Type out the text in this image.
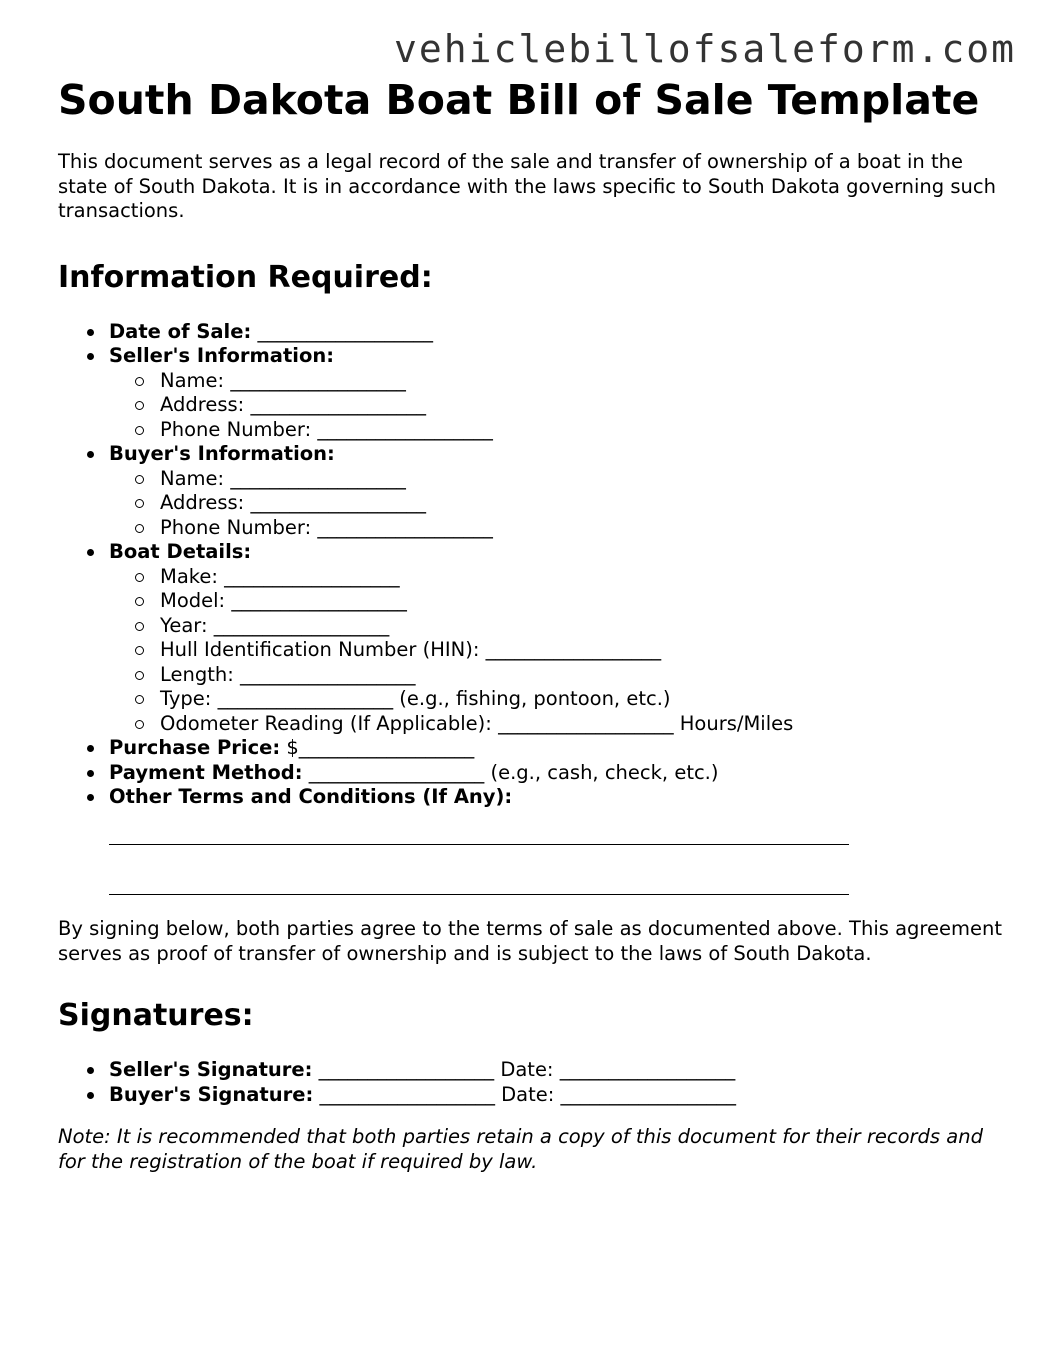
vehiclebillofsaleform.com
South Dakota Boat Bill of Sale Template

This document serves as a legal record of the sale and transfer of ownership of a boat in the state of South Dakota. It is in accordance with the laws specific to South Dakota governing such transactions.

Information Required:
Date of Sale: __________________
Seller's Information:
Name: __________________
Address: __________________
Phone Number: __________________
Buyer's Information:
Name: __________________
Address: __________________
Phone Number: __________________
Boat Details:
Make: __________________
Model: __________________
Year: __________________
Hull Identification Number (HIN): __________________
Length: __________________
Type: __________________ (e.g., fishing, pontoon, etc.)
Odometer Reading (If Applicable): __________________ Hours/Miles
Purchase Price: $__________________
Payment Method: __________________ (e.g., cash, check, etc.)
Other Terms and Conditions (If Any):

By signing below, both parties agree to the terms of sale as documented above. This agreement serves as proof of transfer of ownership and is subject to the laws of South Dakota.

Signatures:
Seller's Signature: __________________ Date: __________________
Buyer's Signature: __________________ Date: __________________

Note: It is recommended that both parties retain a copy of this document for their records and for the registration of the boat if required by law.
